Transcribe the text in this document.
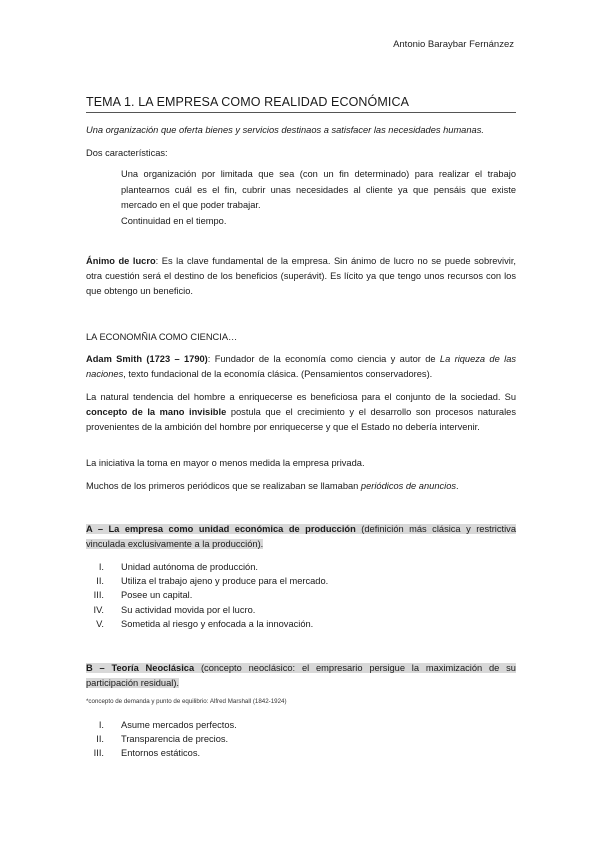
Antonio Baraybar Fernánzez
TEMA 1. LA EMPRESA COMO REALIDAD ECONÓMICA
Una organización que oferta bienes y servicios destinaos a satisfacer las necesidades humanas.
Dos características:
Una organización por limitada que sea (con un fin determinado) para realizar el trabajo plantearnos cuál es el fin, cubrir unas necesidades al cliente ya que pensáis que existe mercado en el que poder trabajar.
Continuidad en el tiempo.
Ánimo de lucro: Es la clave fundamental de la empresa. Sin ánimo de lucro no se puede sobrevivir, otra cuestión será el destino de los beneficios (superávit). Es lícito ya que tengo unos recursos con los que obtengo un beneficio.
LA ECONOMÑIA COMO CIENCIA…
Adam Smith (1723 – 1790): Fundador de la economía como ciencia y autor de La riqueza de las naciones, texto fundacional de la economía clásica. (Pensamientos conservadores).
La natural tendencia del hombre a enriquecerse es beneficiosa para el conjunto de la sociedad. Su concepto de la mano invisible postula que el crecimiento y el desarrollo son procesos naturales provenientes de la ambición del hombre por enriquecerse y que el Estado no debería intervenir.
La iniciativa la toma en mayor o menos medida la empresa privada.
Muchos de los primeros periódicos que se realizaban se llamaban periódicos de anuncios.
A – La empresa como unidad económica de producción (definición más clásica y restrictiva vinculada exclusivamente a la producción).
I. Unidad autónoma de producción.
II. Utiliza el trabajo ajeno y produce para el mercado.
III. Posee un capital.
IV. Su actividad movida por el lucro.
V. Sometida al riesgo y enfocada a la innovación.
B – Teoría Neoclásica (concepto neoclásico: el empresario persigue la maximización de su participación residual).
*concepto de demanda y punto de equilibrio: Alfred Marshall (1842-1924)
I. Asume mercados perfectos.
II. Transparencia de precios.
III. Entornos estáticos.
